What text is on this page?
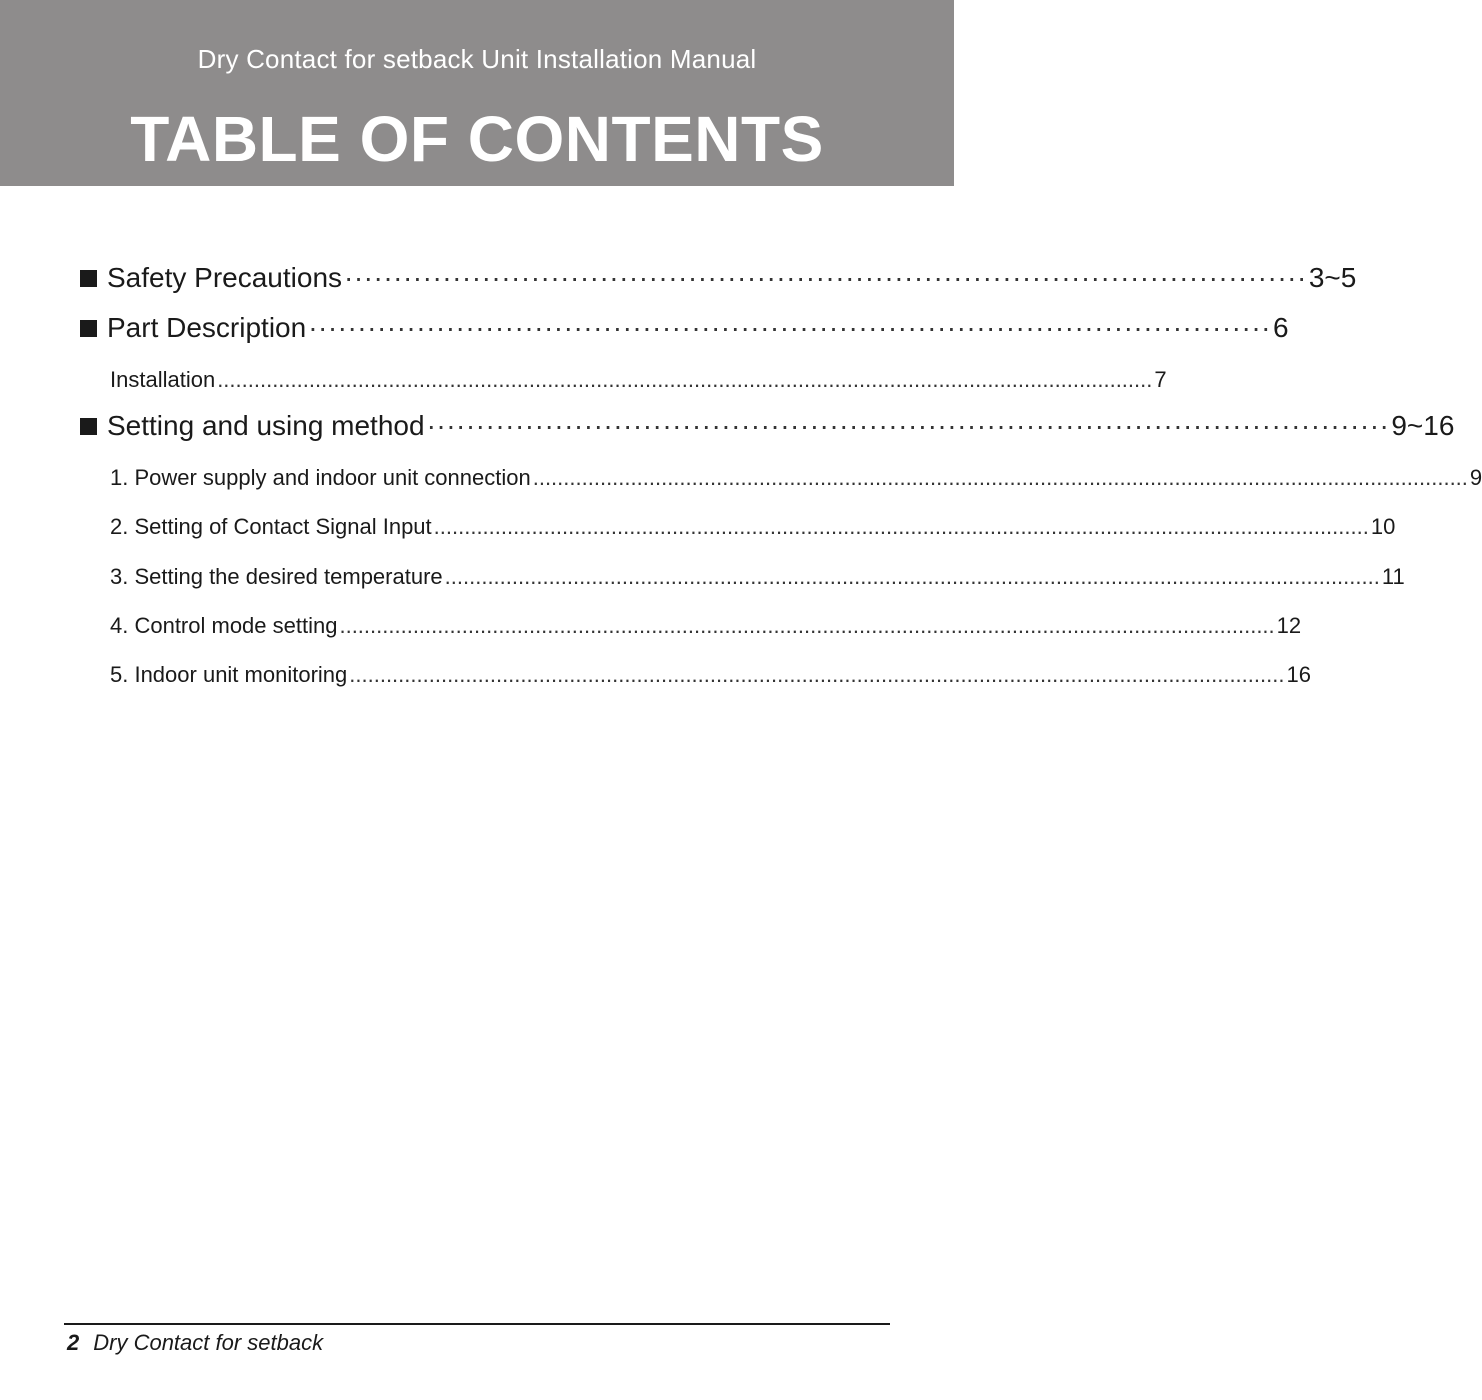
Dry Contact for setback Unit Installation Manual
TABLE OF CONTENTS
Safety Precautions ·································································································· 3~5
Part Description ·································································································· 6
Installation ......................................................................................................................................................... 7
Setting and using method ·································································································· 9~16
1. Power supply and indoor unit connection ......................................................................................................................................................... 9
2. Setting of Contact Signal Input ......................................................................................................................................................... 10
3. Setting the desired temperature ......................................................................................................................................................... 11
4. Control mode setting ......................................................................................................................................................... 12
5. Indoor unit monitoring ......................................................................................................................................................... 16
2 Dry Contact for setback
